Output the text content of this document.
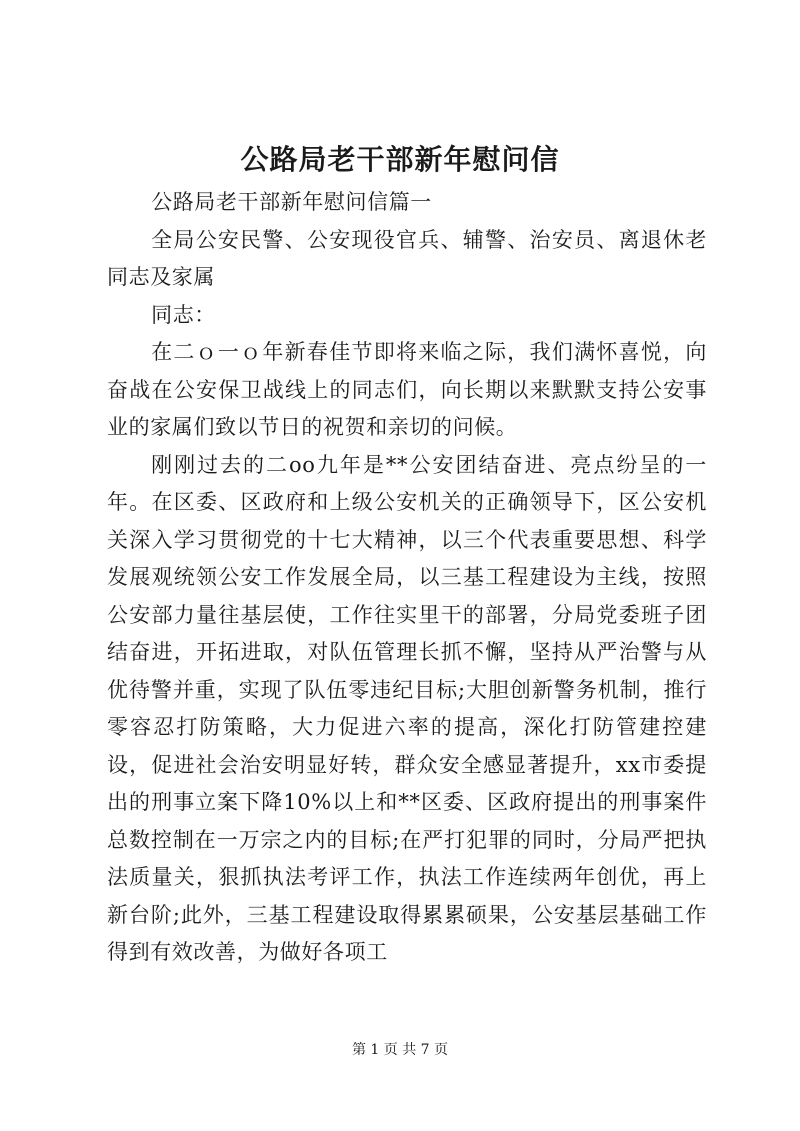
公路局老干部新年慰问信

公路局老干部新年慰问信篇一

全局公安民警、公安现役官兵、辅警、治安员、离退休老同志及家属

同志：

在二ｏ一ｏ年新春佳节即将来临之际，我们满怀喜悦，向奋战在公安保卫战线上的同志们，向长期以来默默支持公安事业的家属们致以节日的祝贺和亲切的问候。

刚刚过去的二oo九年是**公安团结奋进、亮点纷呈的一年。在区委、区政府和上级公安机关的正确领导下，区公安机关深入学习贯彻党的十七大精神，以三个代表重要思想、科学发展观统领公安工作发展全局，以三基工程建设为主线，按照公安部力量往基层使，工作往实里干的部署，分局党委班子团结奋进，开拓进取，对队伍管理长抓不懈，坚持从严治警与从优待警并重，实现了队伍零违纪目标;大胆创新警务机制，推行零容忍打防策略，大力促进六率的提高，深化打防管建控建设，促进社会治安明显好转，群众安全感显著提升，xx市委提出的刑事立案下降10%以上和**区委、区政府提出的刑事案件总数控制在一万宗之内的目标;在严打犯罪的同时，分局严把执法质量关，狠抓执法考评工作，执法工作连续两年创优，再上新台阶;此外，三基工程建设取得累累硕果，公安基层基础工作得到有效改善，为做好各项工

第 1 页 共 7 页
